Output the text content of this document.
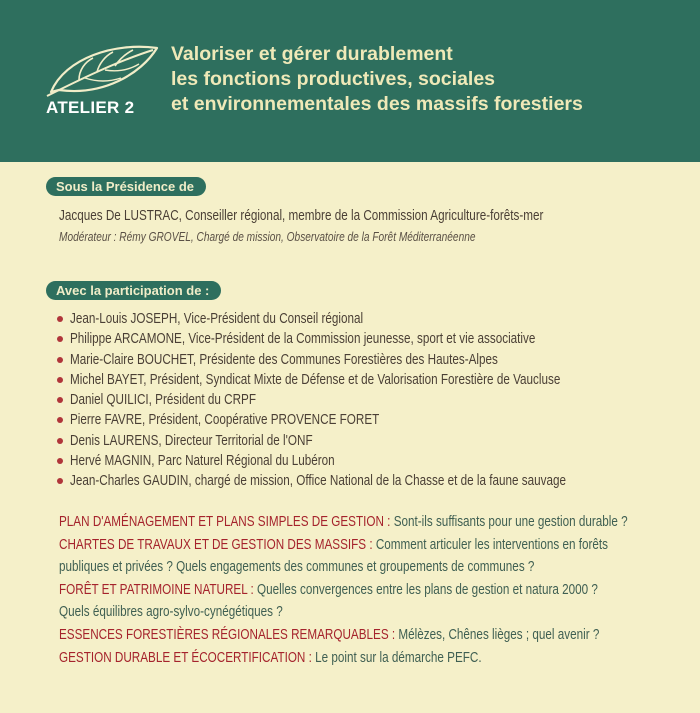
ATELIER 2
Valoriser et gérer durablement
les fonctions productives, sociales
et environnementales des massifs forestiers
Sous la Présidence de
Jacques De LUSTRAC, Conseiller régional, membre de la Commission Agriculture-forêts-mer
Modérateur : Rémy GROVEL, Chargé de mission, Observatoire de la Forêt Méditerranéenne
Avec la participation de :
Jean-Louis JOSEPH, Vice-Président du Conseil régional
Philippe ARCAMONE, Vice-Président de la Commission jeunesse, sport et vie associative
Marie-Claire BOUCHET, Présidente des Communes Forestières des Hautes-Alpes
Michel BAYET, Président, Syndicat Mixte de Défense et de Valorisation Forestière de Vaucluse
Daniel QUILICI, Président du CRPF
Pierre FAVRE, Président, Coopérative PROVENCE FORET
Denis LAURENS, Directeur Territorial de l'ONF
Hervé MAGNIN, Parc Naturel Régional du Lubéron
Jean-Charles GAUDIN, chargé de mission, Office National de la Chasse et de la faune sauvage
PLAN D'AMÉNAGEMENT ET PLANS SIMPLES DE GESTION : Sont-ils suffisants pour une gestion durable ?
CHARTES DE TRAVAUX ET DE GESTION DES MASSIFS : Comment articuler les interventions en forêts
publiques et privées ? Quels engagements des communes et groupements de communes ?
FORÊT ET PATRIMOINE NATUREL : Quelles convergences entre les plans de gestion et natura 2000 ?
Quels équilibres agro-sylvo-cynégétiques ?
ESSENCES FORESTIÈRES RÉGIONALES REMARQUABLES : Mélèzes, Chênes lièges ; quel avenir ?
GESTION DURABLE ET ÉCOCERTIFICATION : Le point sur la démarche PEFC.
